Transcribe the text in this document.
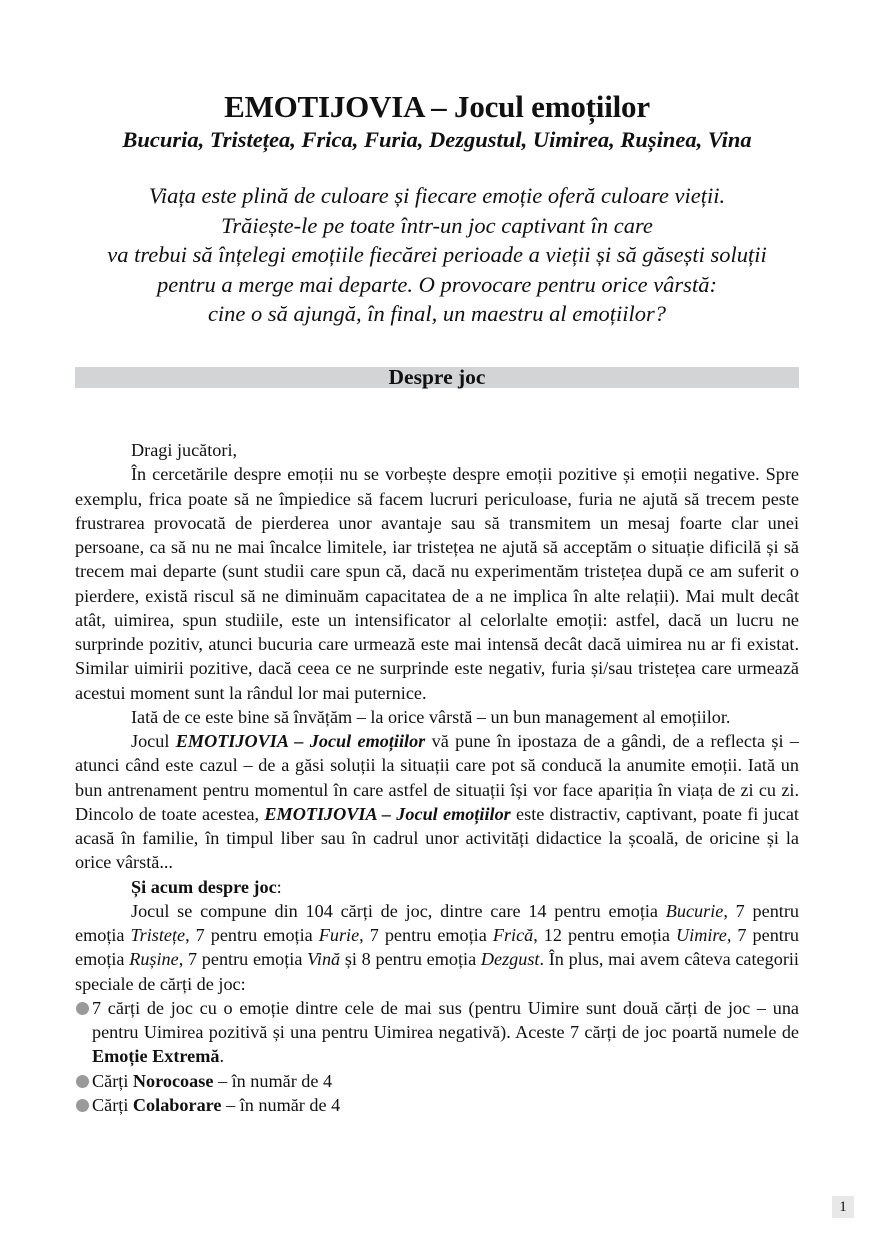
EMOTIJOVIA – Jocul emoțiilor
Bucuria, Tristețea, Frica, Furia, Dezgustul, Uimirea, Rușinea, Vina
Viața este plină de culoare și fiecare emoție oferă culoare vieții.
Trăiește-le pe toate într-un joc captivant în care
va trebui să înțelegi emoțiile fiecărei perioade a vieții și să găsești soluții
pentru a merge mai departe. O provocare pentru orice vârstă:
cine o să ajungă, în final, un maestru al emoțiilor?
Despre joc

Dragi jucători,

În cercetările despre emoții nu se vorbește despre emoții pozitive și emoții negative. Spre exemplu, frica poate să ne împiedice să facem lucruri periculoase, furia ne ajută să trecem peste frustrarea provocată de pierderea unor avantaje sau să transmitem un mesaj foarte clar unei persoane, ca să nu ne mai încalce limitele, iar tristețea ne ajută să acceptăm o situație dificilă și să trecem mai departe (sunt studii care spun că, dacă nu experimentăm tristețea după ce am suferit o pierdere, există riscul să ne diminuăm capacitatea de a ne implica în alte relații). Mai mult decât atât, uimirea, spun studiile, este un intensificator al celorlalte emoții: astfel, dacă un lucru ne surprinde pozitiv, atunci bucuria care urmează este mai intensă decât dacă uimirea nu ar fi existat. Similar uimirii pozitive, dacă ceea ce ne surprinde este negativ, furia și/sau tristețea care urmează acestui moment sunt la rândul lor mai puternice.

Iată de ce este bine să învățăm – la orice vârstă – un bun management al emoțiilor.

Jocul EMOTIJOVIA – Jocul emoțiilor vă pune în ipostaza de a gândi, de a reflecta și – atunci când este cazul – de a găsi soluții la situații care pot să conducă la anumite emoții. Iată un bun antrenament pentru momentul în care astfel de situații își vor face apariția în viața de zi cu zi. Dincolo de toate acestea, EMOTIJOVIA – Jocul emoțiilor este distractiv, captivant, poate fi jucat acasă în familie, în timpul liber sau în cadrul unor activități didactice la școală, de oricine și la orice vârstă...

Și acum despre joc:

Jocul se compune din 104 cărți de joc, dintre care 14 pentru emoția Bucurie, 7 pentru emoția Tristețe, 7 pentru emoția Furie, 7 pentru emoția Frică, 12 pentru emoția Uimire, 7 pentru emoția Rușine, 7 pentru emoția Vină și 8 pentru emoția Dezgust. În plus, mai avem câteva categorii speciale de cărți de joc:

7 cărți de joc cu o emoție dintre cele de mai sus (pentru Uimire sunt două cărți de joc – una pentru Uimirea pozitivă și una pentru Uimirea negativă). Aceste 7 cărți de joc poartă numele de Emoție Extremă.
Cărți Norocoase – în număr de 4
Cărți Colaborare – în număr de 4
1
